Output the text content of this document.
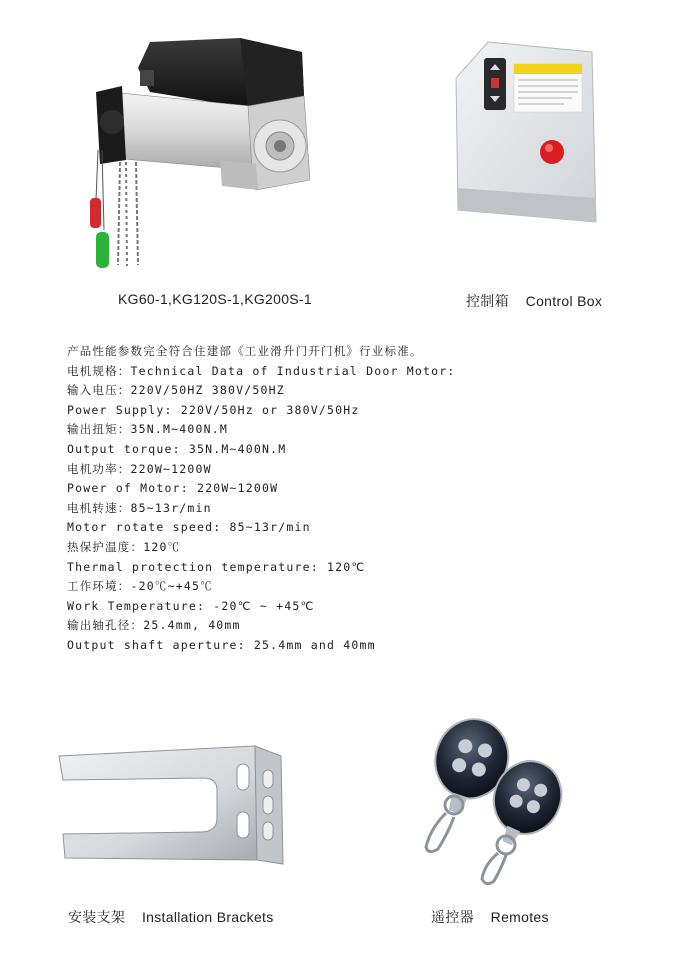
KG60-1,KG120S-1,KG200S-1	控制箱 Control Box
产品性能参数完全符合住建部《工业滑升门开门机》行业标准。
电机规格：Technical Data of Industrial Door Motor:
输入电压：220V/50HZ 380V/50HZ
Power Supply: 220V/50Hz or 380V/50Hz
输出扭矩：35N.M~400N.M
Output torque: 35N.M~400N.M
电机功率：220W~1200W
Power of Motor: 220W~1200W
电机转速：85~13r/min
Motor rotate speed: 85~13r/min
热保护温度：120℃
Thermal protection temperature: 120℃
工作环境：-20℃~+45℃
Work Temperature: -20℃ ~ +45℃
输出轴孔径：25.4mm, 40mm
Output shaft aperture: 25.4mm and 40mm
安装支架 Installation Brackets	遥控器 Remotes
